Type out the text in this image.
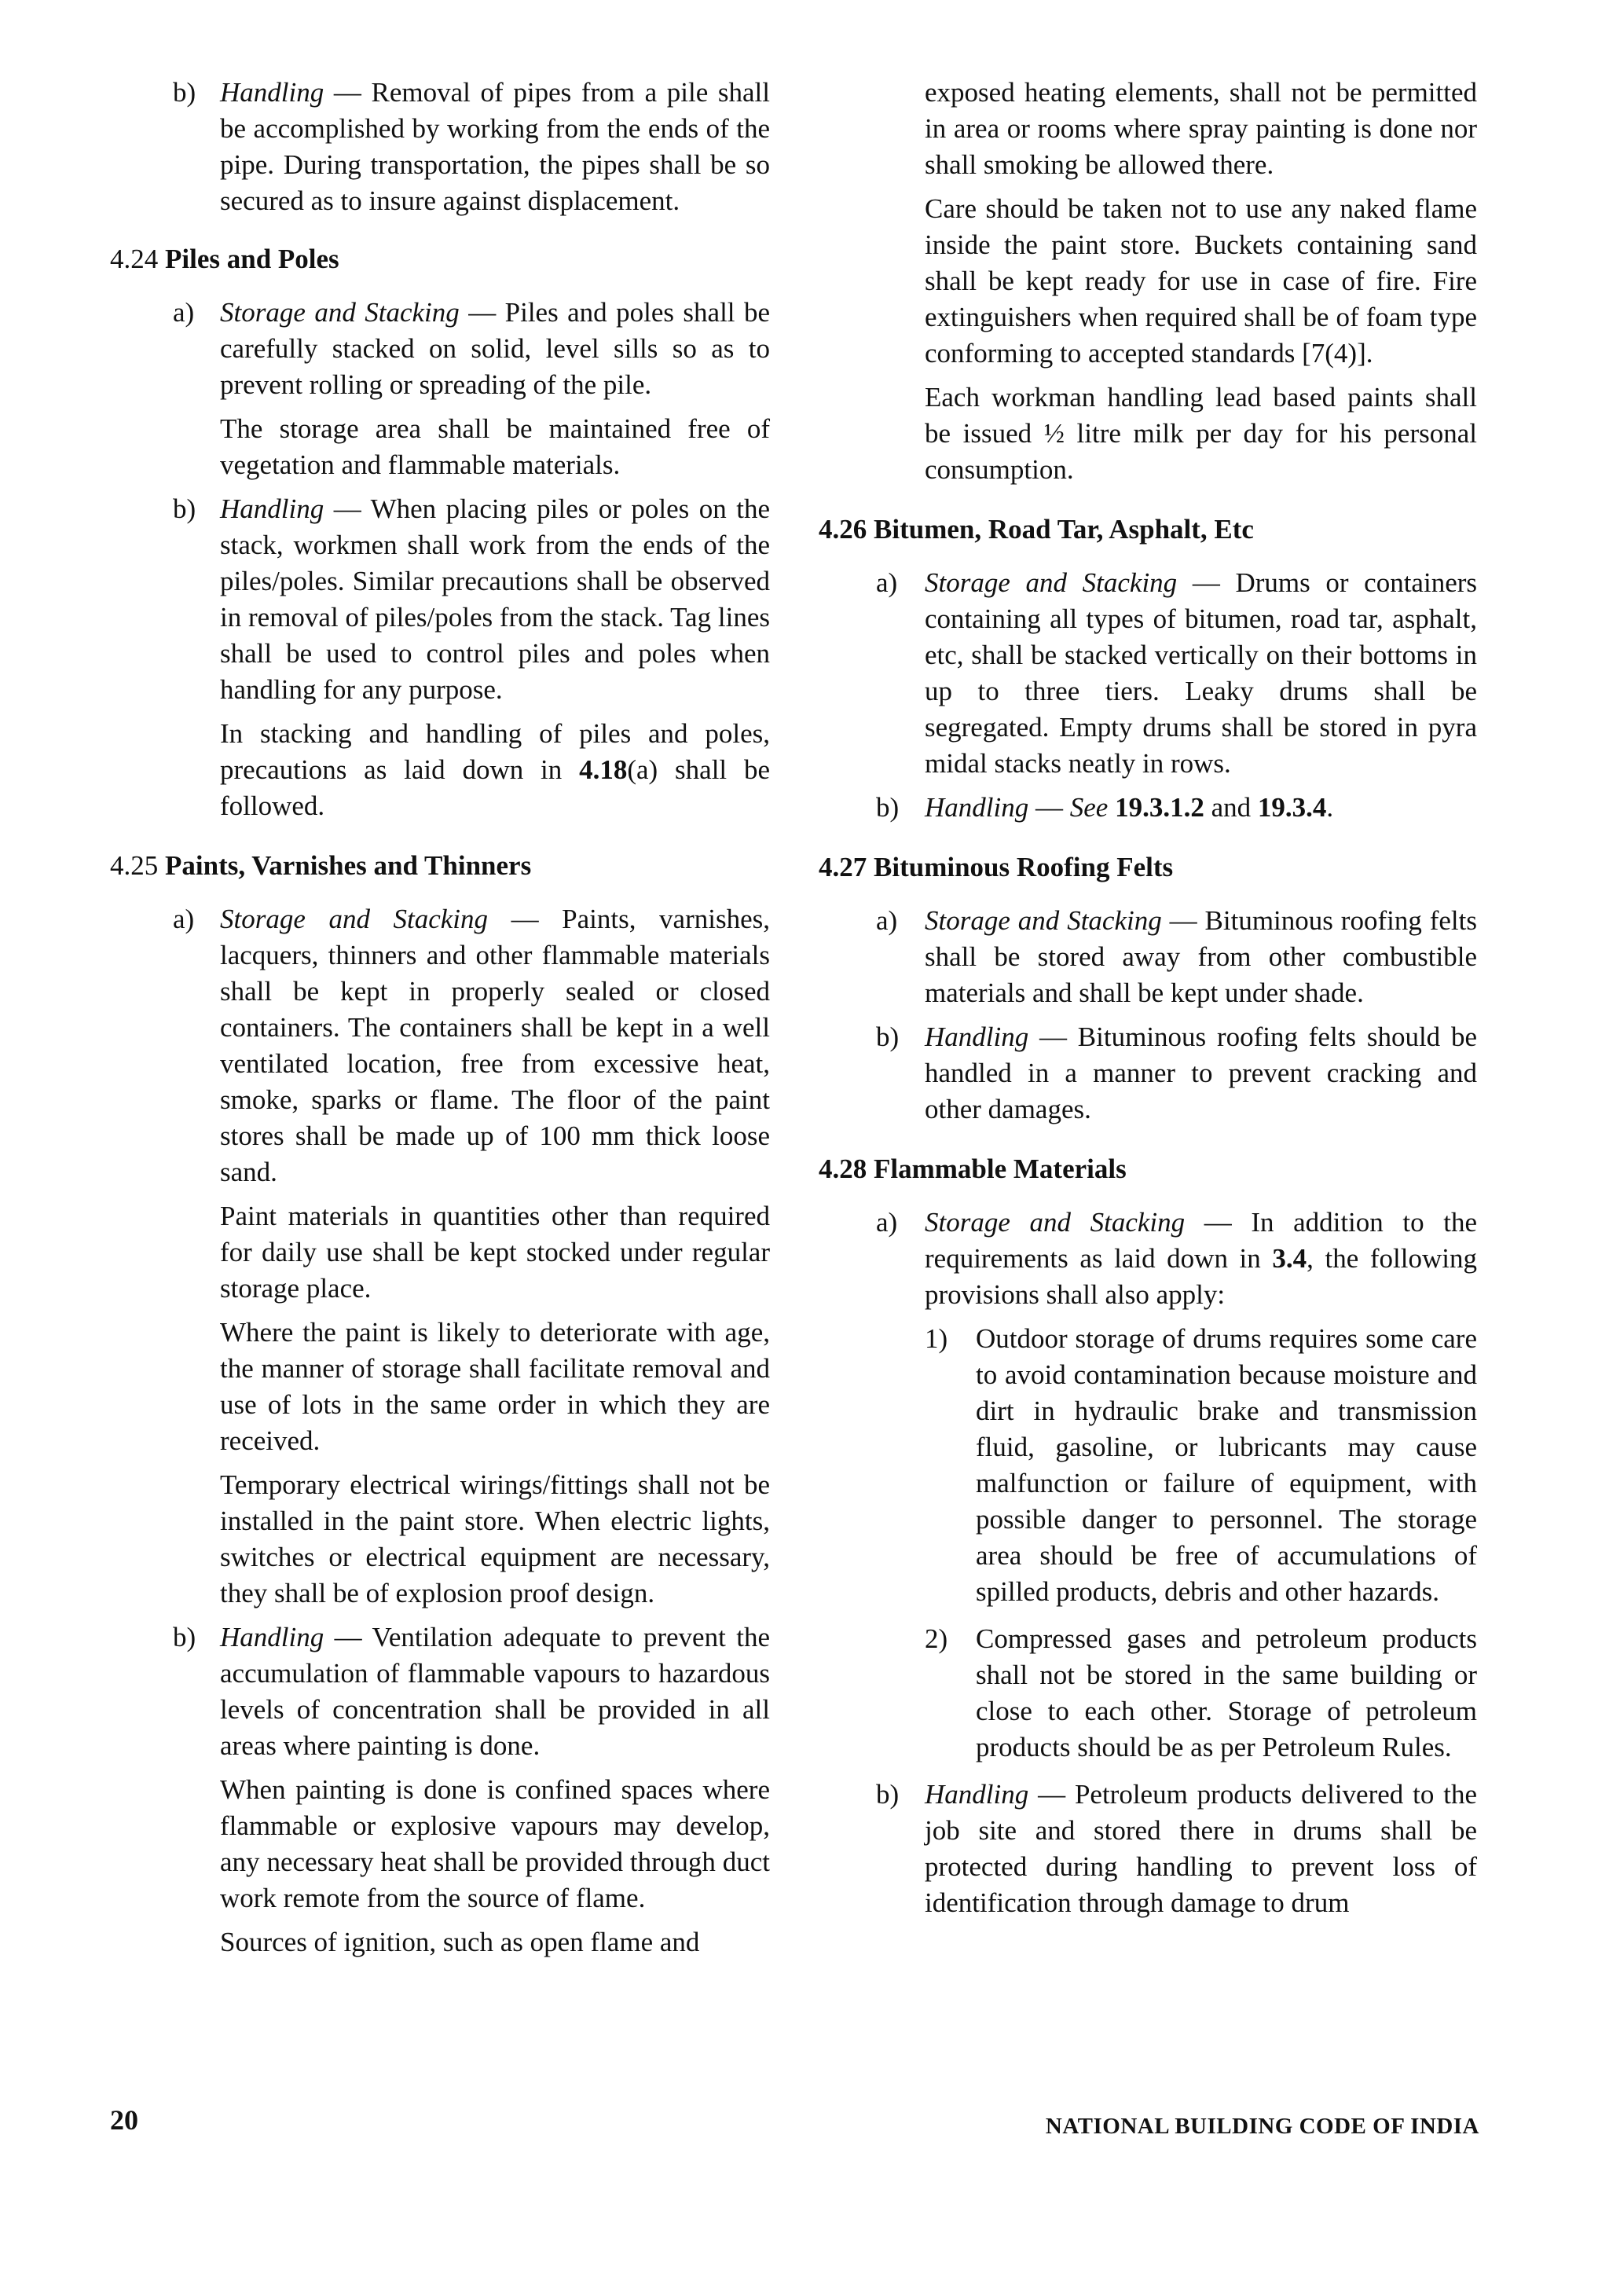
b) Handling — Removal of pipes from a pile shall be accomplished by working from the ends of the pipe. During transportation, the pipes shall be so secured as to insure against displacement.

4.24 Piles and Poles
a) Storage and Stacking — Piles and poles shall be carefully stacked on solid, level sills so as to prevent rolling or spreading of the pile.

The storage area shall be maintained free of vegetation and flammable materials.

b) Handling — When placing piles or poles on the stack, workmen shall work from the ends of the piles/poles. Similar precautions shall be observed in removal of piles/poles from the stack. Tag lines shall be used to control piles and poles when handling for any purpose.

In stacking and handling of piles and poles, precautions as laid down in 4.18(a) shall be followed.

4.25 Paints, Varnishes and Thinners
a) Storage and Stacking — Paints, varnishes, lacquers, thinners and other flammable materials shall be kept in properly sealed or closed containers. The containers shall be kept in a well ventilated location, free from excessive heat, smoke, sparks or flame. The floor of the paint stores shall be made up of 100 mm thick loose sand.

Paint materials in quantities other than required for daily use shall be kept stocked under regular storage place.

Where the paint is likely to deteriorate with age, the manner of storage shall facilitate removal and use of lots in the same order in which they are received.

Temporary electrical wirings/fittings shall not be installed in the paint store. When electric lights, switches or electrical equipment are necessary, they shall be of explosion proof design.

b) Handling — Ventilation adequate to prevent the accumulation of flammable vapours to hazardous levels of concentration shall be provided in all areas where painting is done.

When painting is done is confined spaces where flammable or explosive vapours may develop, any necessary heat shall be provided through duct work remote from the source of flame.

Sources of ignition, such as open flame and

exposed heating elements, shall not be permitted in area or rooms where spray painting is done nor shall smoking be allowed there.

Care should be taken not to use any naked flame inside the paint store. Buckets containing sand shall be kept ready for use in case of fire. Fire extinguishers when required shall be of foam type conforming to accepted standards [7(4)].

Each workman handling lead based paints shall be issued ½ litre milk per day for his personal consumption.

4.26 Bitumen, Road Tar, Asphalt, Etc
a) Storage and Stacking — Drums or containers containing all types of bitumen, road tar, asphalt, etc, shall be stacked vertically on their bottoms in up to three tiers. Leaky drums shall be segregated. Empty drums shall be stored in pyra midal stacks neatly in rows.

b) Handling — See 19.3.1.2 and 19.3.4.

4.27 Bituminous Roofing Felts
a) Storage and Stacking — Bituminous roofing felts shall be stored away from other combustible materials and shall be kept under shade.

b) Handling — Bituminous roofing felts should be handled in a manner to prevent cracking and other damages.

4.28 Flammable Materials
a) Storage and Stacking — In addition to the requirements as laid down in 3.4, the following provisions shall also apply:

1) Outdoor storage of drums requires some care to avoid contamination because moisture and dirt in hydraulic brake and transmission fluid, gasoline, or lubricants may cause malfunction or failure of equipment, with possible danger to personnel. The storage area should be free of accumulations of spilled products, debris and other hazards.
2) Compressed gases and petroleum products shall not be stored in the same building or close to each other. Storage of petroleum products should be as per Petroleum Rules.
b) Handling — Petroleum products delivered to the job site and stored there in drums shall be protected during handling to prevent loss of identification through damage to drum

20	NATIONAL BUILDING CODE OF INDIA
